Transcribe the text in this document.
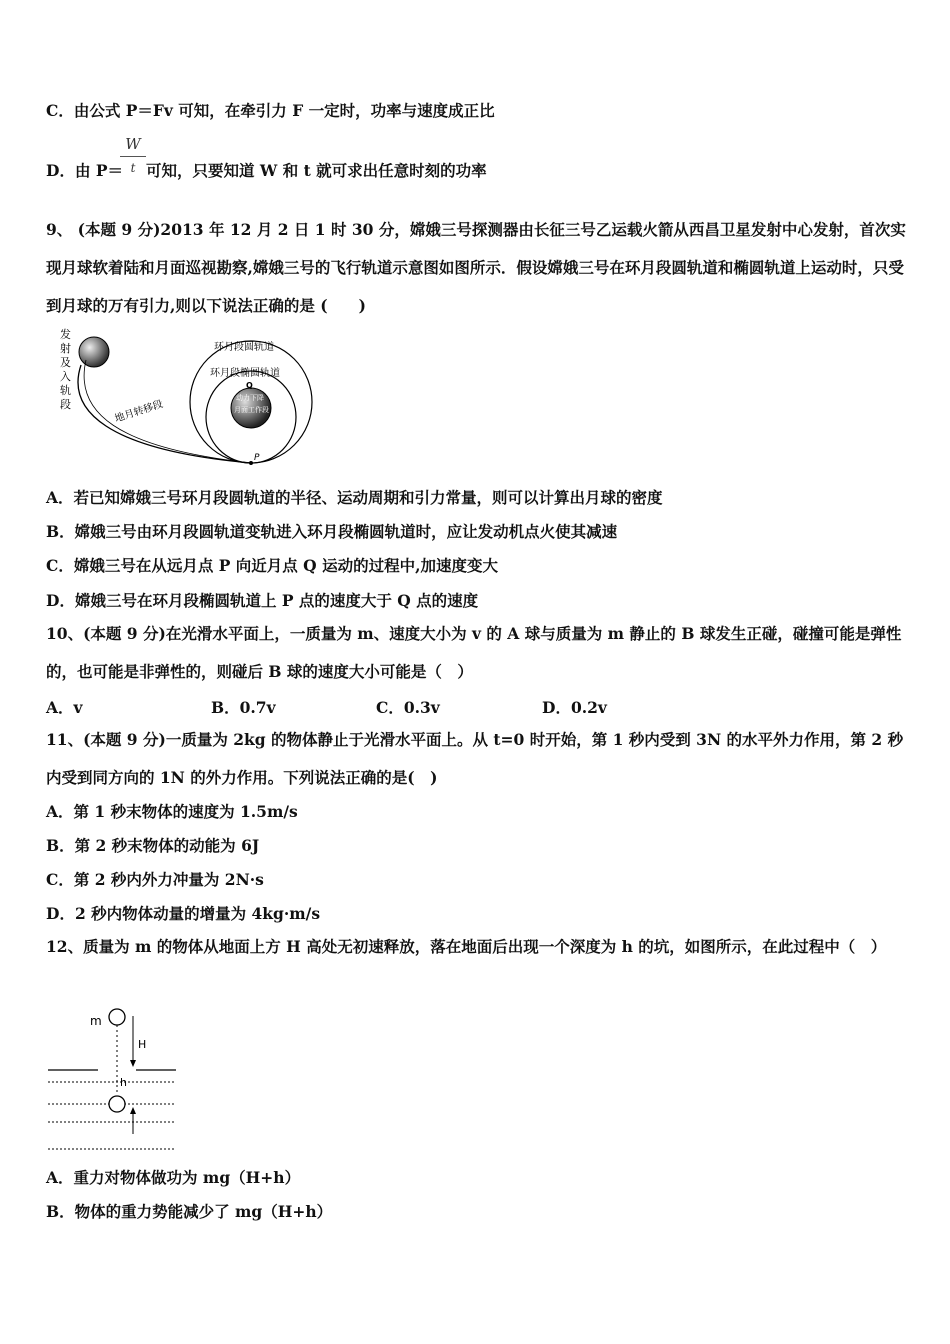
C．由公式 P＝Fv 可知，在牵引力 F 一定时，功率与速度成正比
D．由 P＝
W
t 可知，只要知道 W 和 t 就可求出任意时刻的功率
9、 (本题 9 分)2013 年 12 月 2 日 1 时 30 分，嫦娥三号探测器由长征三号乙运载火箭从西昌卫星发射中心发射，首次实现月球软着陆和月面巡视勘察,嫦娥三号的飞行轨道示意图如图所示．假设嫦娥三号在环月段圆轨道和椭圆轨道上运动时，只受到月球的万有引力,则以下说法正确的是 (　　)
发
射
及
入
轨
段	地月转移段
环月段圆轨道
环月段椭圆轨道
动力下降
月面工作段
Q
P
A．若已知嫦娥三号环月段圆轨道的半径、运动周期和引力常量，则可以计算出月球的密度
B．嫦娥三号由环月段圆轨道变轨进入环月段椭圆轨道时，应让发动机点火使其减速
C．嫦娥三号在从远月点 P 向近月点 Q 运动的过程中,加速度变大
D．嫦娥三号在环月段椭圆轨道上 P 点的速度大于 Q 点的速度
10、(本题 9 分)在光滑水平面上，一质量为 m、速度大小为 v 的 A 球与质量为 m 静止的 B 球发生正碰，碰撞可能是弹性的，也可能是非弹性的，则碰后 B 球的速度大小可能是（　）
A．v	B．0.7v	C．0.3v	D．0.2v
11、(本题 9 分)一质量为 2kg 的物体静止于光滑水平面上。从 t=0 时开始，第 1 秒内受到 3N 的水平外力作用，第 2 秒内受到同方向的 1N 的外力作用。下列说法正确的是(　)
A．第 1 秒末物体的速度为 1.5m/s
B．第 2 秒末物体的动能为 6J
C．第 2 秒内外力冲量为 2N·s
D．2 秒内物体动量的增量为 4kg·m/s
12、质量为 m 的物体从地面上方 H 高处无初速释放，落在地面后出现一个深度为 h 的坑，如图所示，在此过程中（　）
m
H
h
A．重力对物体做功为 mg（H+h）
B．物体的重力势能减少了 mg（H+h）
